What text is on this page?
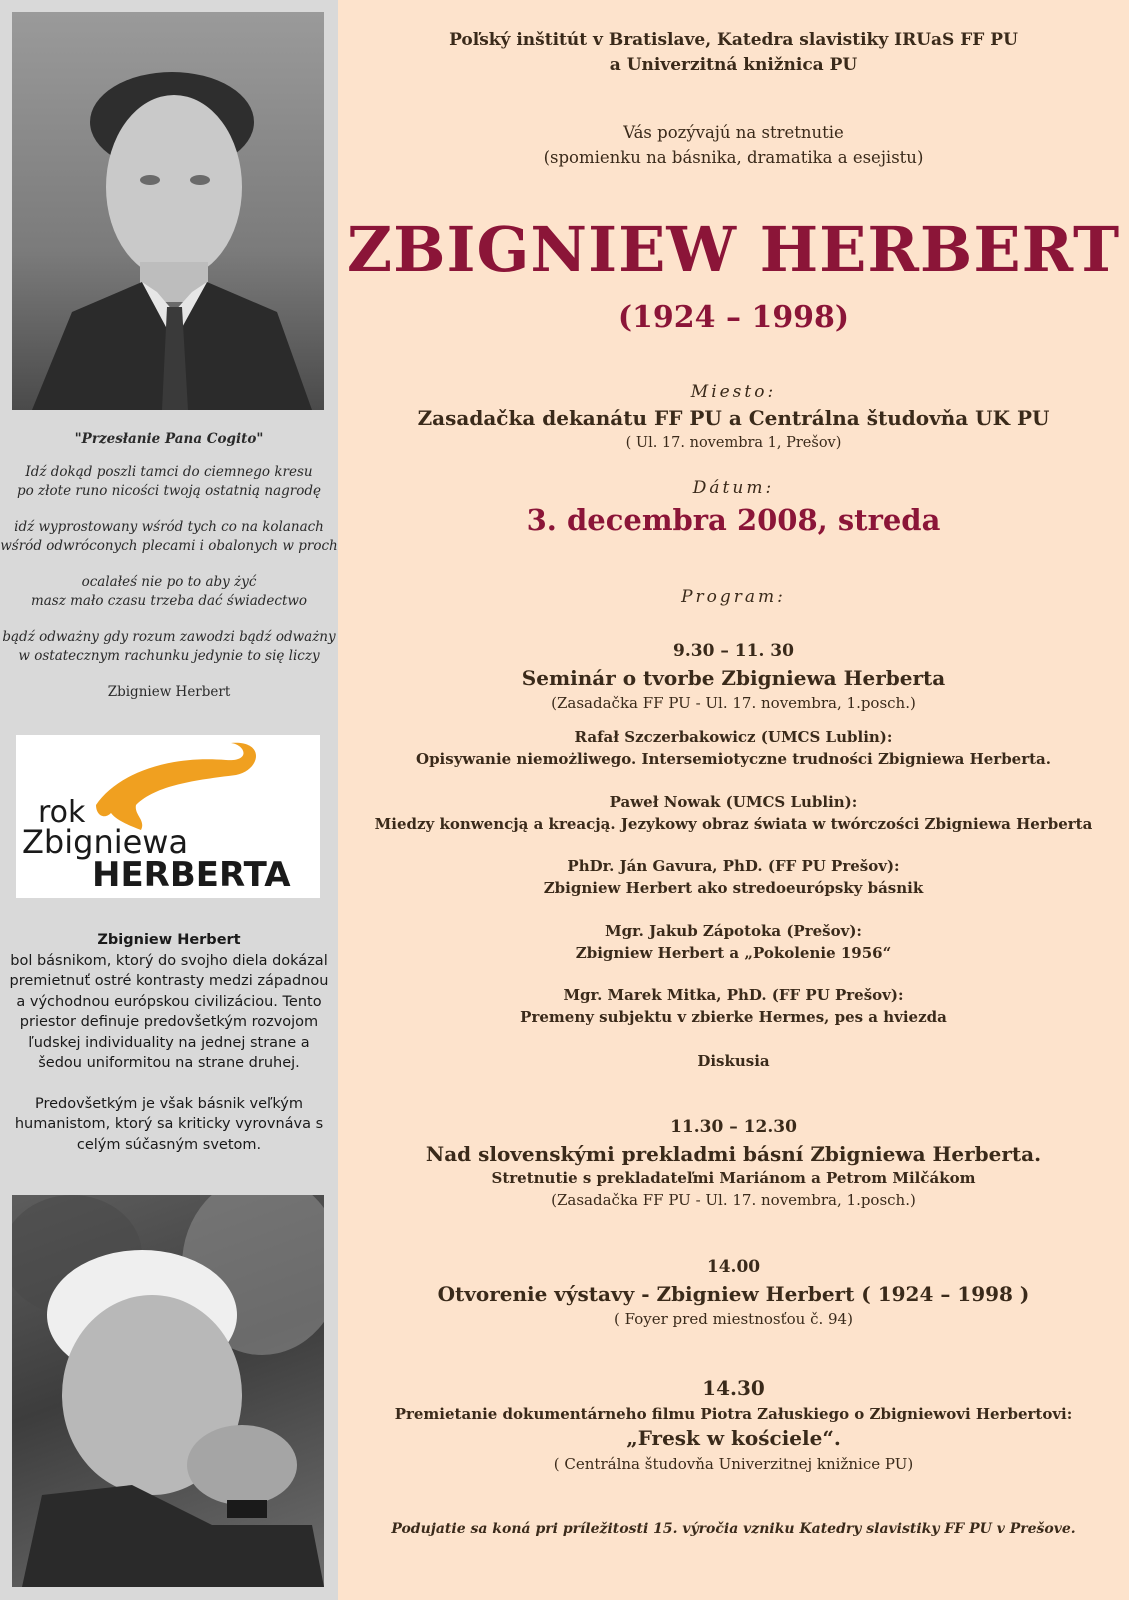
"Przesłanie Pana Cogito"
Idź dokąd poszli tamci do ciemnego kresu
po złote runo nicości twoją ostatnią nagrodę
idź wyprostowany wśród tych co na kolanach
wśród odwróconych plecami i obalonych w proch
ocalałeś nie po to aby żyć
masz mało czasu trzeba dać świadectwo
bądź odważny gdy rozum zawodzi bądź odważny
w ostatecznym rachunku jedynie to się liczy
Zbigniew Herbert
rok
Zbigniewa
HERBERTA
Zbigniew Herbert

bol básnikom, ktorý do svojho diela dokázal premietnuť ostré kontrasty medzi západnou a východnou európskou civilizáciou. Tento priestor definuje predovšetkým rozvojom ľudskej individuality na jednej strane a šedou uniformitou na strane druhej.

Predovšetkým je však básnik veľkým humanistom, ktorý sa kriticky vyrovnáva s celým súčasným svetom.

Poľský inštitút v Bratislave, Katedra slavistiky IRUaS FF PU
a Univerzitná knižnica PU
Vás pozývajú na stretnutie
(spomienku na básnika, dramatika a esejistu)
ZBIGNIEW HERBERT
(1924 – 1998)
Miesto:
Zasadačka dekanátu FF PU a Centrálna študovňa UK PU
( Ul. 17. novembra 1, Prešov)
Dátum:
3. decembra 2008, streda
Program:
9.30 – 11. 30
Seminár o tvorbe Zbigniewa Herberta
(Zasadačka FF PU - Ul. 17. novembra, 1.posch.)
Rafał Szczerbakowicz (UMCS Lublin):
Opisywanie niemożliwego. Intersemiotyczne trudności Zbigniewa Herberta.
Paweł Nowak (UMCS Lublin):
Miedzy konwencją a kreacją. Jezykowy obraz świata w twórczości Zbigniewa Herberta
PhDr. Ján Gavura, PhD. (FF PU Prešov):
Zbigniew Herbert ako stredoeurópsky básnik
Mgr. Jakub Zápotoka (Prešov):
Zbigniew Herbert a „Pokolenie 1956“
Mgr. Marek Mitka, PhD. (FF PU Prešov):
Premeny subjektu v zbierke Hermes, pes a hviezda
Diskusia
11.30 – 12.30
Nad slovenskými prekladmi básní Zbigniewa Herberta.
Stretnutie s prekladateľmi Mariánom a Petrom Milčákom
(Zasadačka FF PU - Ul. 17. novembra, 1.posch.)
14.00
Otvorenie výstavy - Zbigniew Herbert ( 1924 – 1998 )
( Foyer pred miestnosťou č. 94)
14.30
Premietanie dokumentárneho filmu Piotra Załuskiego o Zbigniewovi Herbertovi:
„Fresk w kościele“.
( Centrálna študovňa Univerzitnej knižnice PU)
Podujatie sa koná pri príležitosti 15. výročia vzniku Katedry slavistiky FF PU v Prešove.
